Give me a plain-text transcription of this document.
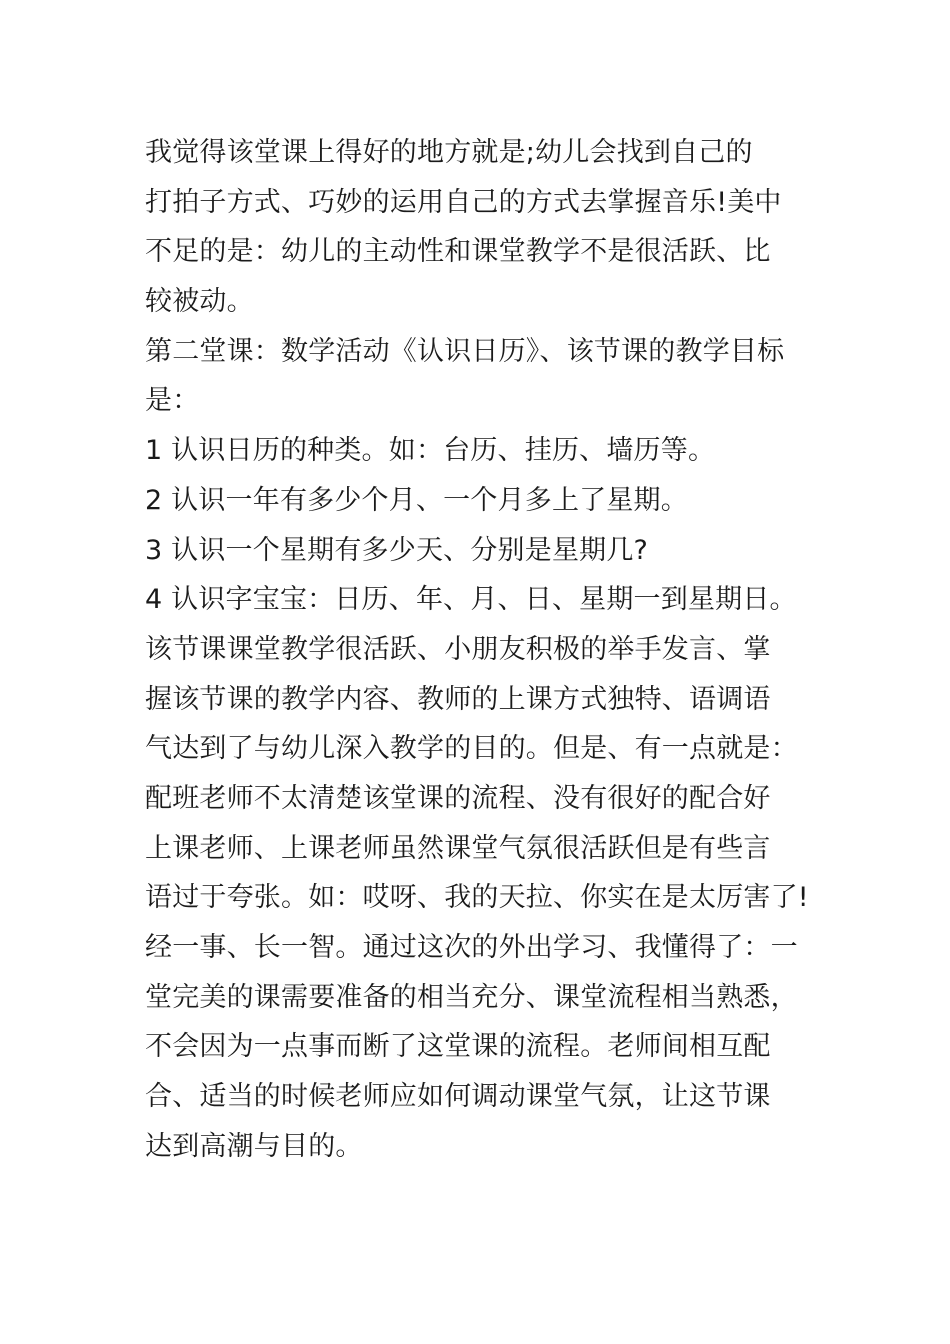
我觉得该堂课上得好的地方就是;幼儿会找到自己的
打拍子方式、巧妙的运用自己的方式去掌握音乐!美中
不足的是：幼儿的主动性和课堂教学不是很活跃、比
较被动。
第二堂课：数学活动《认识日历》、该节课的教学目标
是：
1 认识日历的种类。如：台历、挂历、墙历等。
2 认识一年有多少个月、一个月多上了星期。
3 认识一个星期有多少天、分别是星期几?
4 认识字宝宝：日历、年、月、日、星期一到星期日。
该节课课堂教学很活跃、小朋友积极的举手发言、掌
握该节课的教学内容、教师的上课方式独特、语调语
气达到了与幼儿深入教学的目的。但是、有一点就是：
配班老师不太清楚该堂课的流程、没有很好的配合好
上课老师、上课老师虽然课堂气氛很活跃但是有些言
语过于夸张。如：哎呀、我的天拉、你实在是太厉害了!
经一事、长一智。通过这次的外出学习、我懂得了：一
堂完美的课需要准备的相当充分、课堂流程相当熟悉，
不会因为一点事而断了这堂课的流程。老师间相互配
合、适当的时候老师应如何调动课堂气氛，让这节课
达到高潮与目的。
